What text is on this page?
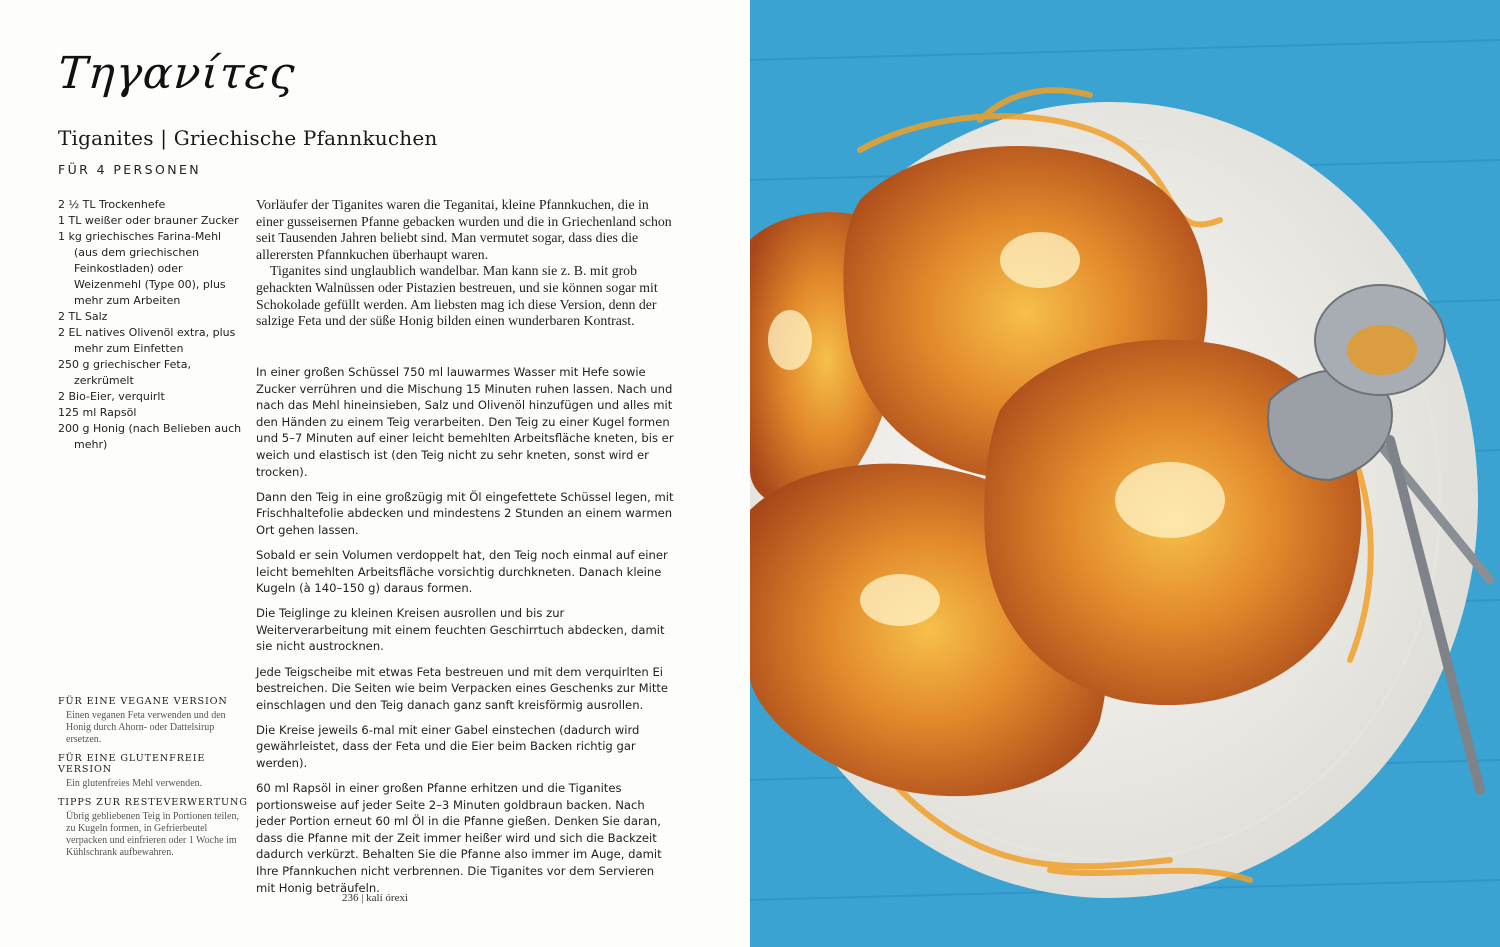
Τηγανίτες
Tiganites | Griechische Pfannkuchen
FÜR 4 PERSONEN
2 ½ TL Trockenhefe
1 TL weißer oder brauner Zucker
1 kg griechisches Farina-Mehl (aus dem griechischen Feinkostladen) oder Weizenmehl (Type 00), plus mehr zum Arbeiten
2 TL Salz
2 EL natives Olivenöl extra, plus mehr zum Einfetten
250 g griechischer Feta, zerkrümelt
2 Bio-Eier, verquirlt
125 ml Rapsöl
200 g Honig (nach Belieben auch mehr)

Vorläufer der Tiganites waren die Teganitai, kleine Pfannkuchen, die in einer gusseisernen Pfanne gebacken wurden und die in Griechenland schon seit Tausenden Jahren beliebt sind. Man vermutet sogar, dass dies die allerersten Pfannkuchen überhaupt waren.

Tiganites sind unglaublich wandelbar. Man kann sie z. B. mit grob gehackten Walnüssen oder Pistazien bestreuen, und sie können sogar mit Schokolade gefüllt werden. Am liebsten mag ich diese Version, denn der salzige Feta und der süße Honig bilden einen wunderbaren Kontrast.

In einer großen Schüssel 750 ml lauwarmes Wasser mit Hefe sowie Zucker verrühren und die Mischung 15 Minuten ruhen lassen. Nach und nach das Mehl hineinsieben, Salz und Olivenöl hinzufügen und alles mit den Händen zu einem Teig verarbeiten. Den Teig zu einer Kugel formen und 5–7 Minuten auf einer leicht bemehlten Arbeitsfläche kneten, bis er weich und elastisch ist (den Teig nicht zu sehr kneten, sonst wird er trocken).

Dann den Teig in eine großzügig mit Öl eingefettete Schüssel legen, mit Frischhaltefolie abdecken und mindestens 2 Stunden an einem warmen Ort gehen lassen.

Sobald er sein Volumen verdoppelt hat, den Teig noch einmal auf einer leicht bemehlten Arbeitsfläche vorsichtig durchkneten. Danach kleine Kugeln (à 140–150 g) daraus formen.

Die Teiglinge zu kleinen Kreisen ausrollen und bis zur Weiterverarbeitung mit einem feuchten Geschirrtuch abdecken, damit sie nicht austrocknen.

Jede Teigscheibe mit etwas Feta bestreuen und mit dem verquirlten Ei bestreichen. Die Seiten wie beim Verpacken eines Geschenks zur Mitte einschlagen und den Teig danach ganz sanft kreisförmig ausrollen.

Die Kreise jeweils 6-mal mit einer Gabel einstechen (dadurch wird gewährleistet, dass der Feta und die Eier beim Backen richtig gar werden).

60 ml Rapsöl in einer großen Pfanne erhitzen und die Tiganites portionsweise auf jeder Seite 2–3 Minuten goldbraun backen. Nach jeder Portion erneut 60 ml Öl in die Pfanne gießen. Denken Sie daran, dass die Pfanne mit der Zeit immer heißer wird und sich die Backzeit dadurch verkürzt. Behalten Sie die Pfanne also immer im Auge, damit Ihre Pfannkuchen nicht verbrennen. Die Tiganites vor dem Servieren mit Honig beträufeln.

FÜR EINE VEGANE VERSION
Einen veganen Feta verwenden und den Honig durch Ahorn- oder Dattelsirup ersetzen.
FÜR EINE GLUTENFREIE VERSION
Ein glutenfreies Mehl verwenden.
TIPPS ZUR RESTEVERWERTUNG
Übrig gebliebenen Teig in Portionen teilen, zu Kugeln formen, in Gefrierbeutel verpacken und einfrieren oder 1 Woche im Kühlschrank aufbewahren.
236 | kalí órexi
